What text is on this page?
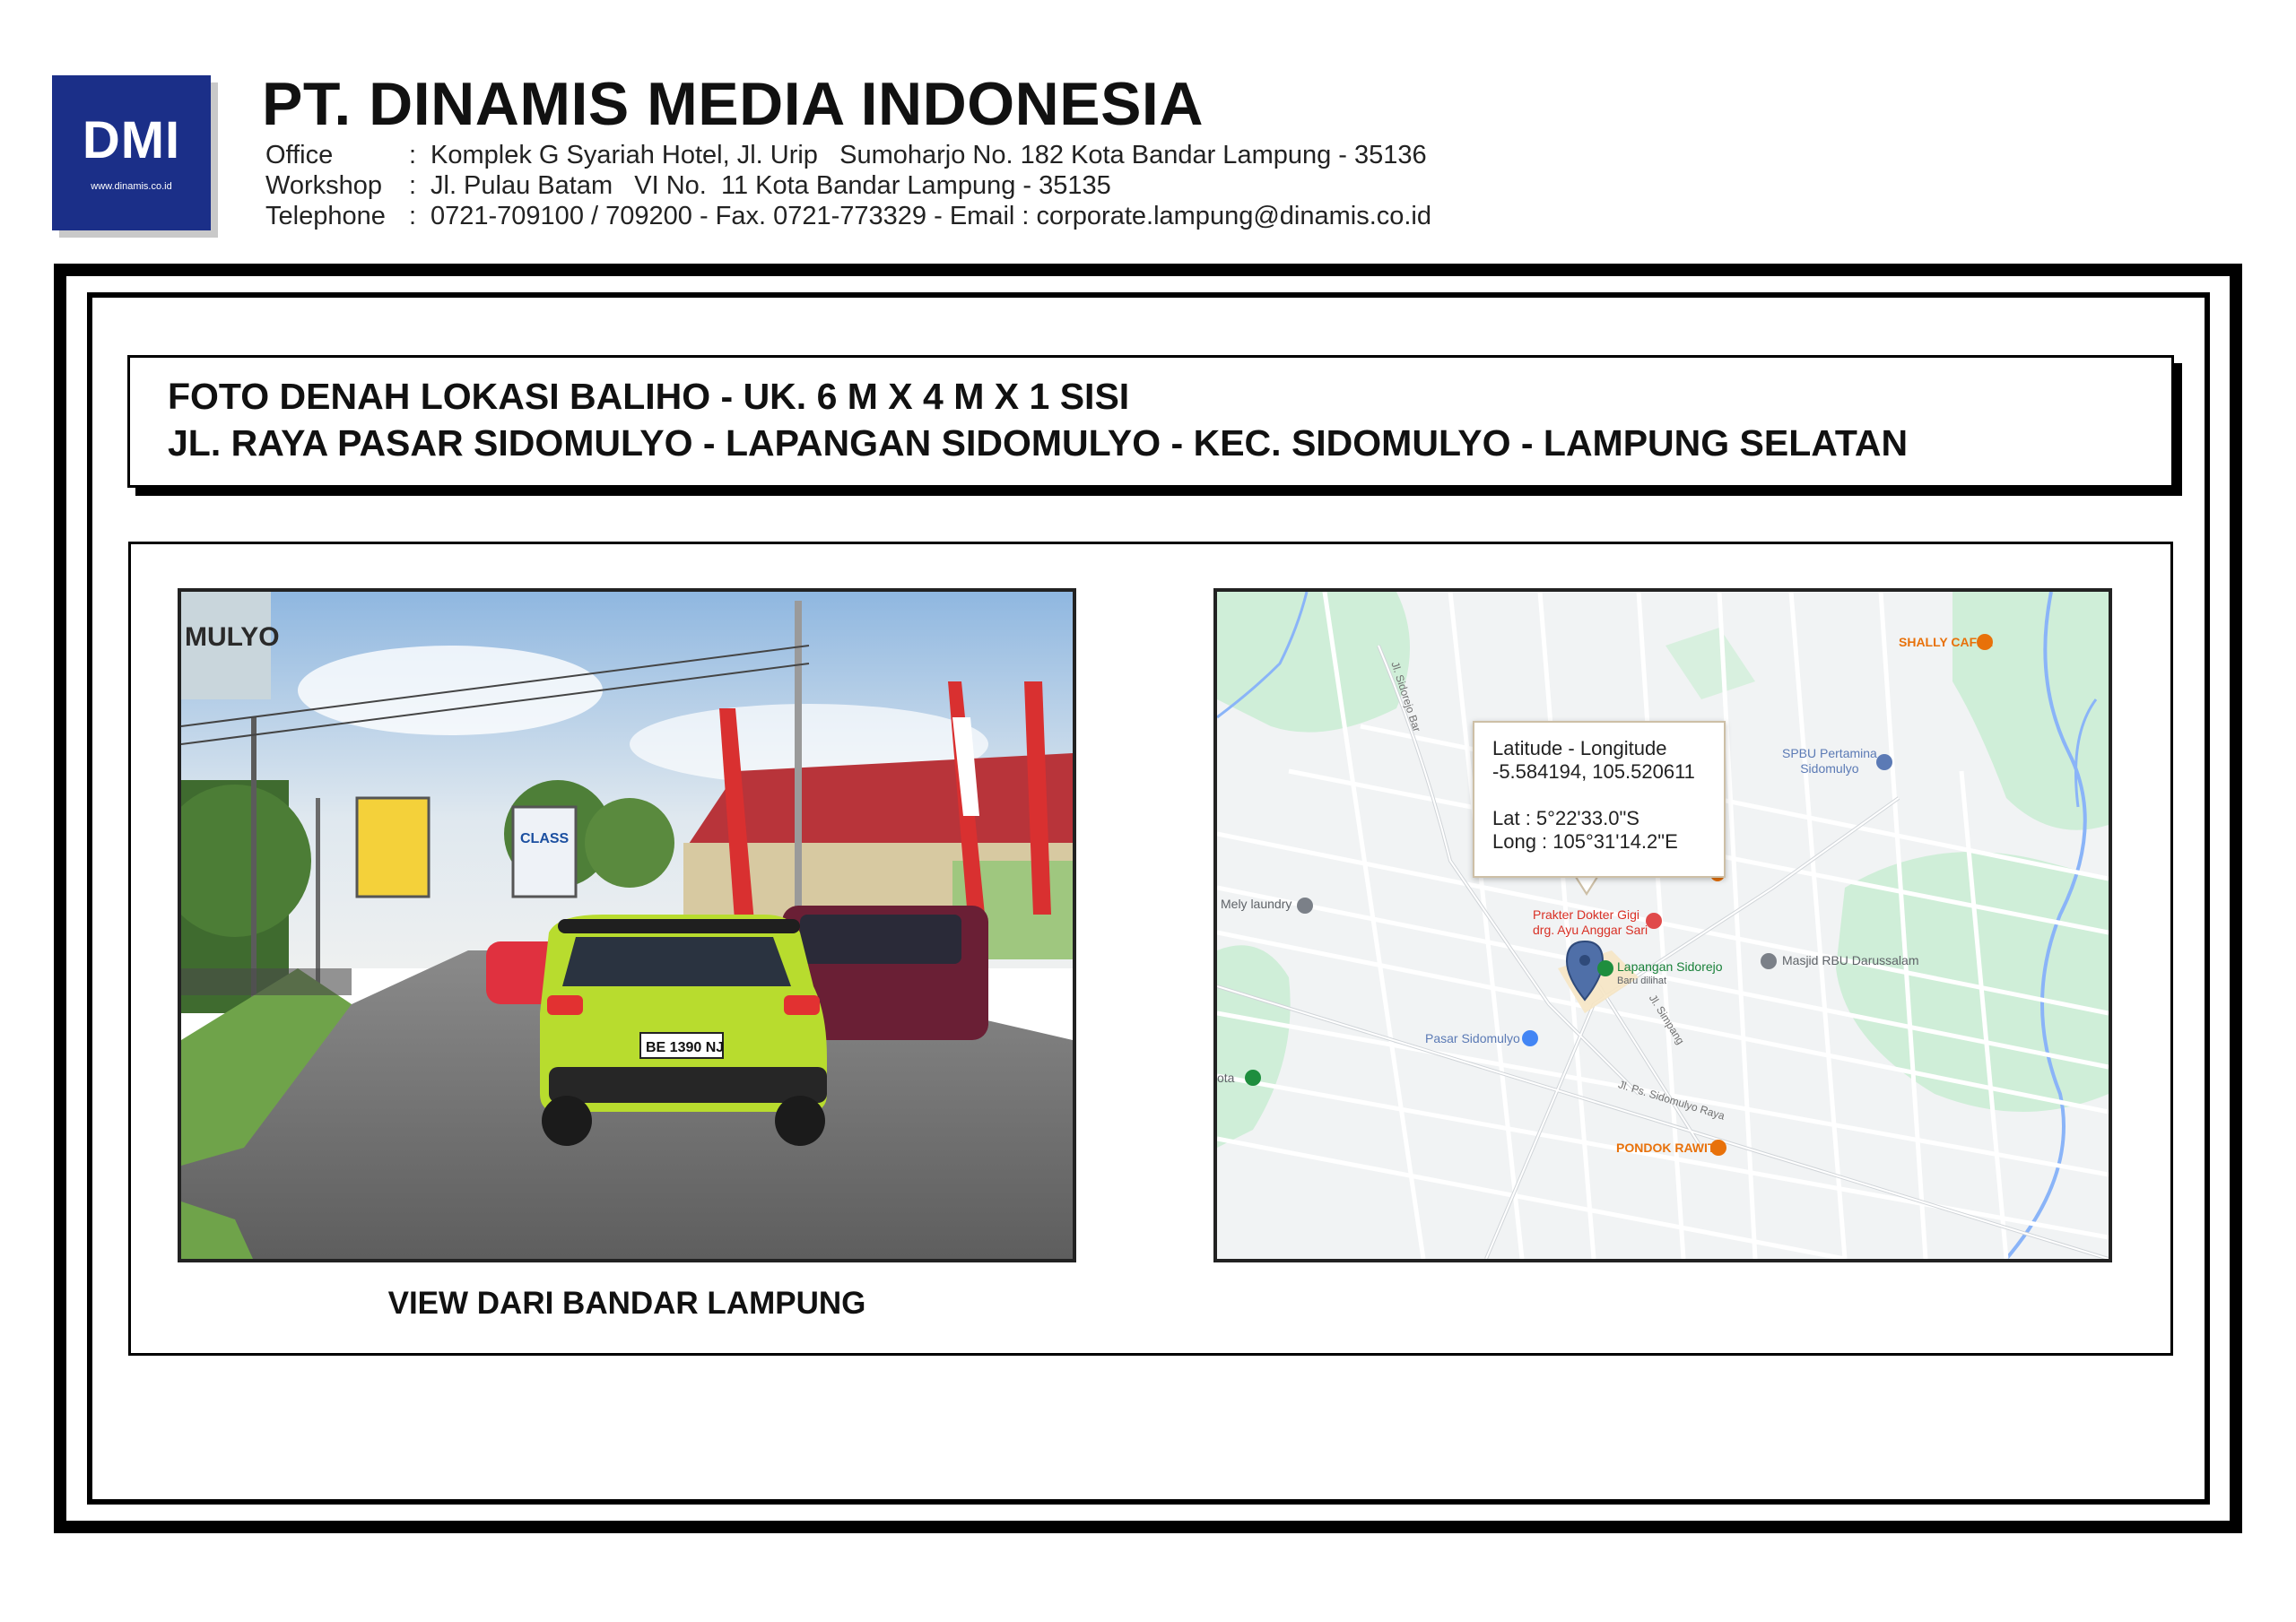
DMI
www.dinamis.co.id
PT. DINAMIS MEDIA INDONESIA
Office	: Komplek G Syariah Hotel, Jl. Urip   Sumoharjo No. 182 Kota Bandar Lampung - 35136
Workshop	: Jl. Pulau Batam   VI No.  11 Kota Bandar Lampung - 35135
Telephone : 0721-709100 / 709200 - Fax. 0721-773329 - Email : corporate.lampung@dinamis.co.id
FOTO DENAH LOKASI BALIHO - UK. 6 M X 4 M X 1 SISI
JL. RAYA PASAR SIDOMULYO - LAPANGAN SIDOMULYO - KEC. SIDOMULYO - LAMPUNG SELATAN
MULYO
CLASS
BE 1390 NJ
VIEW DARI BANDAR LAMPUNG
SHALLY CAFFE
SPBU Pertamina
Sidomulyo
Mely laundry
Prakter Dokter Gigi
drg. Ayu Anggar Sari
Lapangan Sidorejo
Baru dilihat
Masjid RBU Darussalam
Pasar Sidomulyo
ota
PONDOK RAWIT
Jl. Sidorejo Bar
Jl. Simpang
Jl. Ps. Sidomulyo Raya
Latitude - Longitude
-5.584194, 105.520611
Lat : 5°22'33.0"S
Long : 105°31'14.2"E
